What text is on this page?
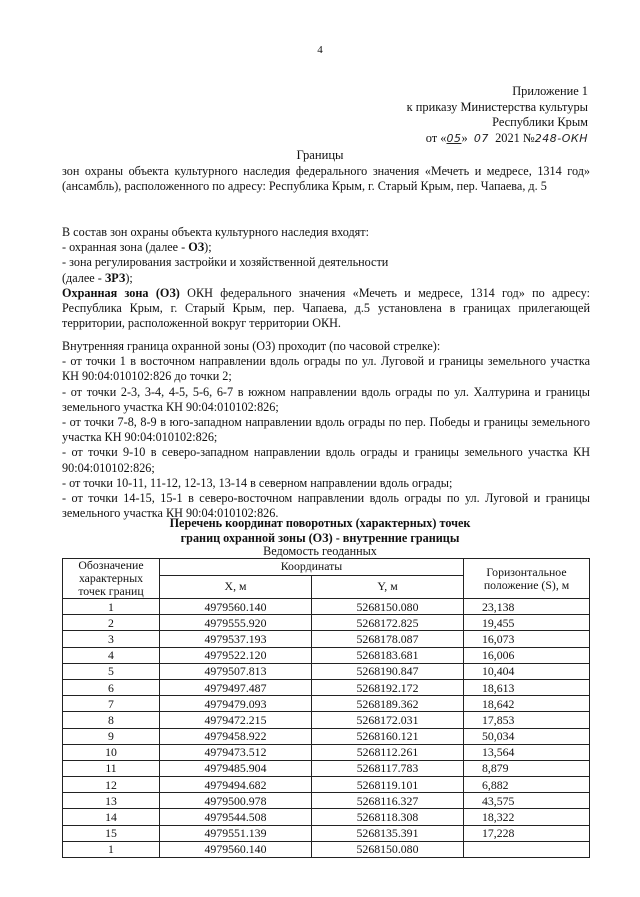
4
Приложение 1
к приказу Министерства культуры
Республики Крым
от «05» 07 2021 №248-ОКН
Границы
зон охраны объекта культурного наследия федерального значения «Мечеть и медресе, 1314 год» (ансамбль), расположенного по адресу: Республика Крым, г. Старый Крым, пер. Чапаева, д. 5
В состав зон охраны объекта культурного наследия входят:
- охранная зона (далее - ОЗ);
- зона регулирования застройки и хозяйственной деятельности
(далее - ЗРЗ);
Охранная зона (ОЗ) ОКН федерального значения «Мечеть и медресе, 1314 год» по адресу: Республика Крым, г. Старый Крым, пер. Чапаева, д.5 установлена в границах прилегающей территории, расположенной вокруг территории ОКН.
Внутренняя граница охранной зоны (ОЗ) проходит (по часовой стрелке):
- от точки 1 в восточном направлении вдоль ограды по ул. Луговой и границы земельного участка КН 90:04:010102:826 до точки 2;
- от точки 2-3, 3-4, 4-5, 5-6, 6-7 в южном направлении вдоль ограды по ул. Халтурина и границы земельного участка КН 90:04:010102:826;
- от точки 7-8, 8-9 в юго-западном направлении вдоль ограды по пер. Победы и границы земельного участка КН 90:04:010102:826;
- от точки 9-10 в северо-западном направлении вдоль ограды и границы земельного участка КН 90:04:010102:826;
- от точки 10-11, 11-12, 12-13, 13-14 в северном направлении вдоль ограды;
- от точки 14-15, 15-1 в северо-восточном направлении вдоль ограды по ул. Луговой и границы земельного участка КН 90:04:010102:826.
Перечень координат поворотных (характерных) точек
границ охранной зоны (ОЗ) - внутренние границы
Ведомость геоданных
Обозначение характерных точек границ	Координаты		Горизонтальное положение (S), м
	X, м	Y, м	
1	4979560.140	5268150.080	23,138
2	4979555.920	5268172.825	19,455
3	4979537.193	5268178.087	16,073
4	4979522.120	5268183.681	16,006
5	4979507.813	5268190.847	10,404
6	4979497.487	5268192.172	18,613
7	4979479.093	5268189.362	18,642
8	4979472.215	5268172.031	17,853
9	4979458.922	5268160.121	50,034
10	4979473.512	5268112.261	13,564
11	4979485.904	5268117.783	8,879
12	4979494.682	5268119.101	6,882
13	4979500.978	5268116.327	43,575
14	4979544.508	5268118.308	18,322
15	4979551.139	5268135.391	17,228
1	4979560.140	5268150.080	
